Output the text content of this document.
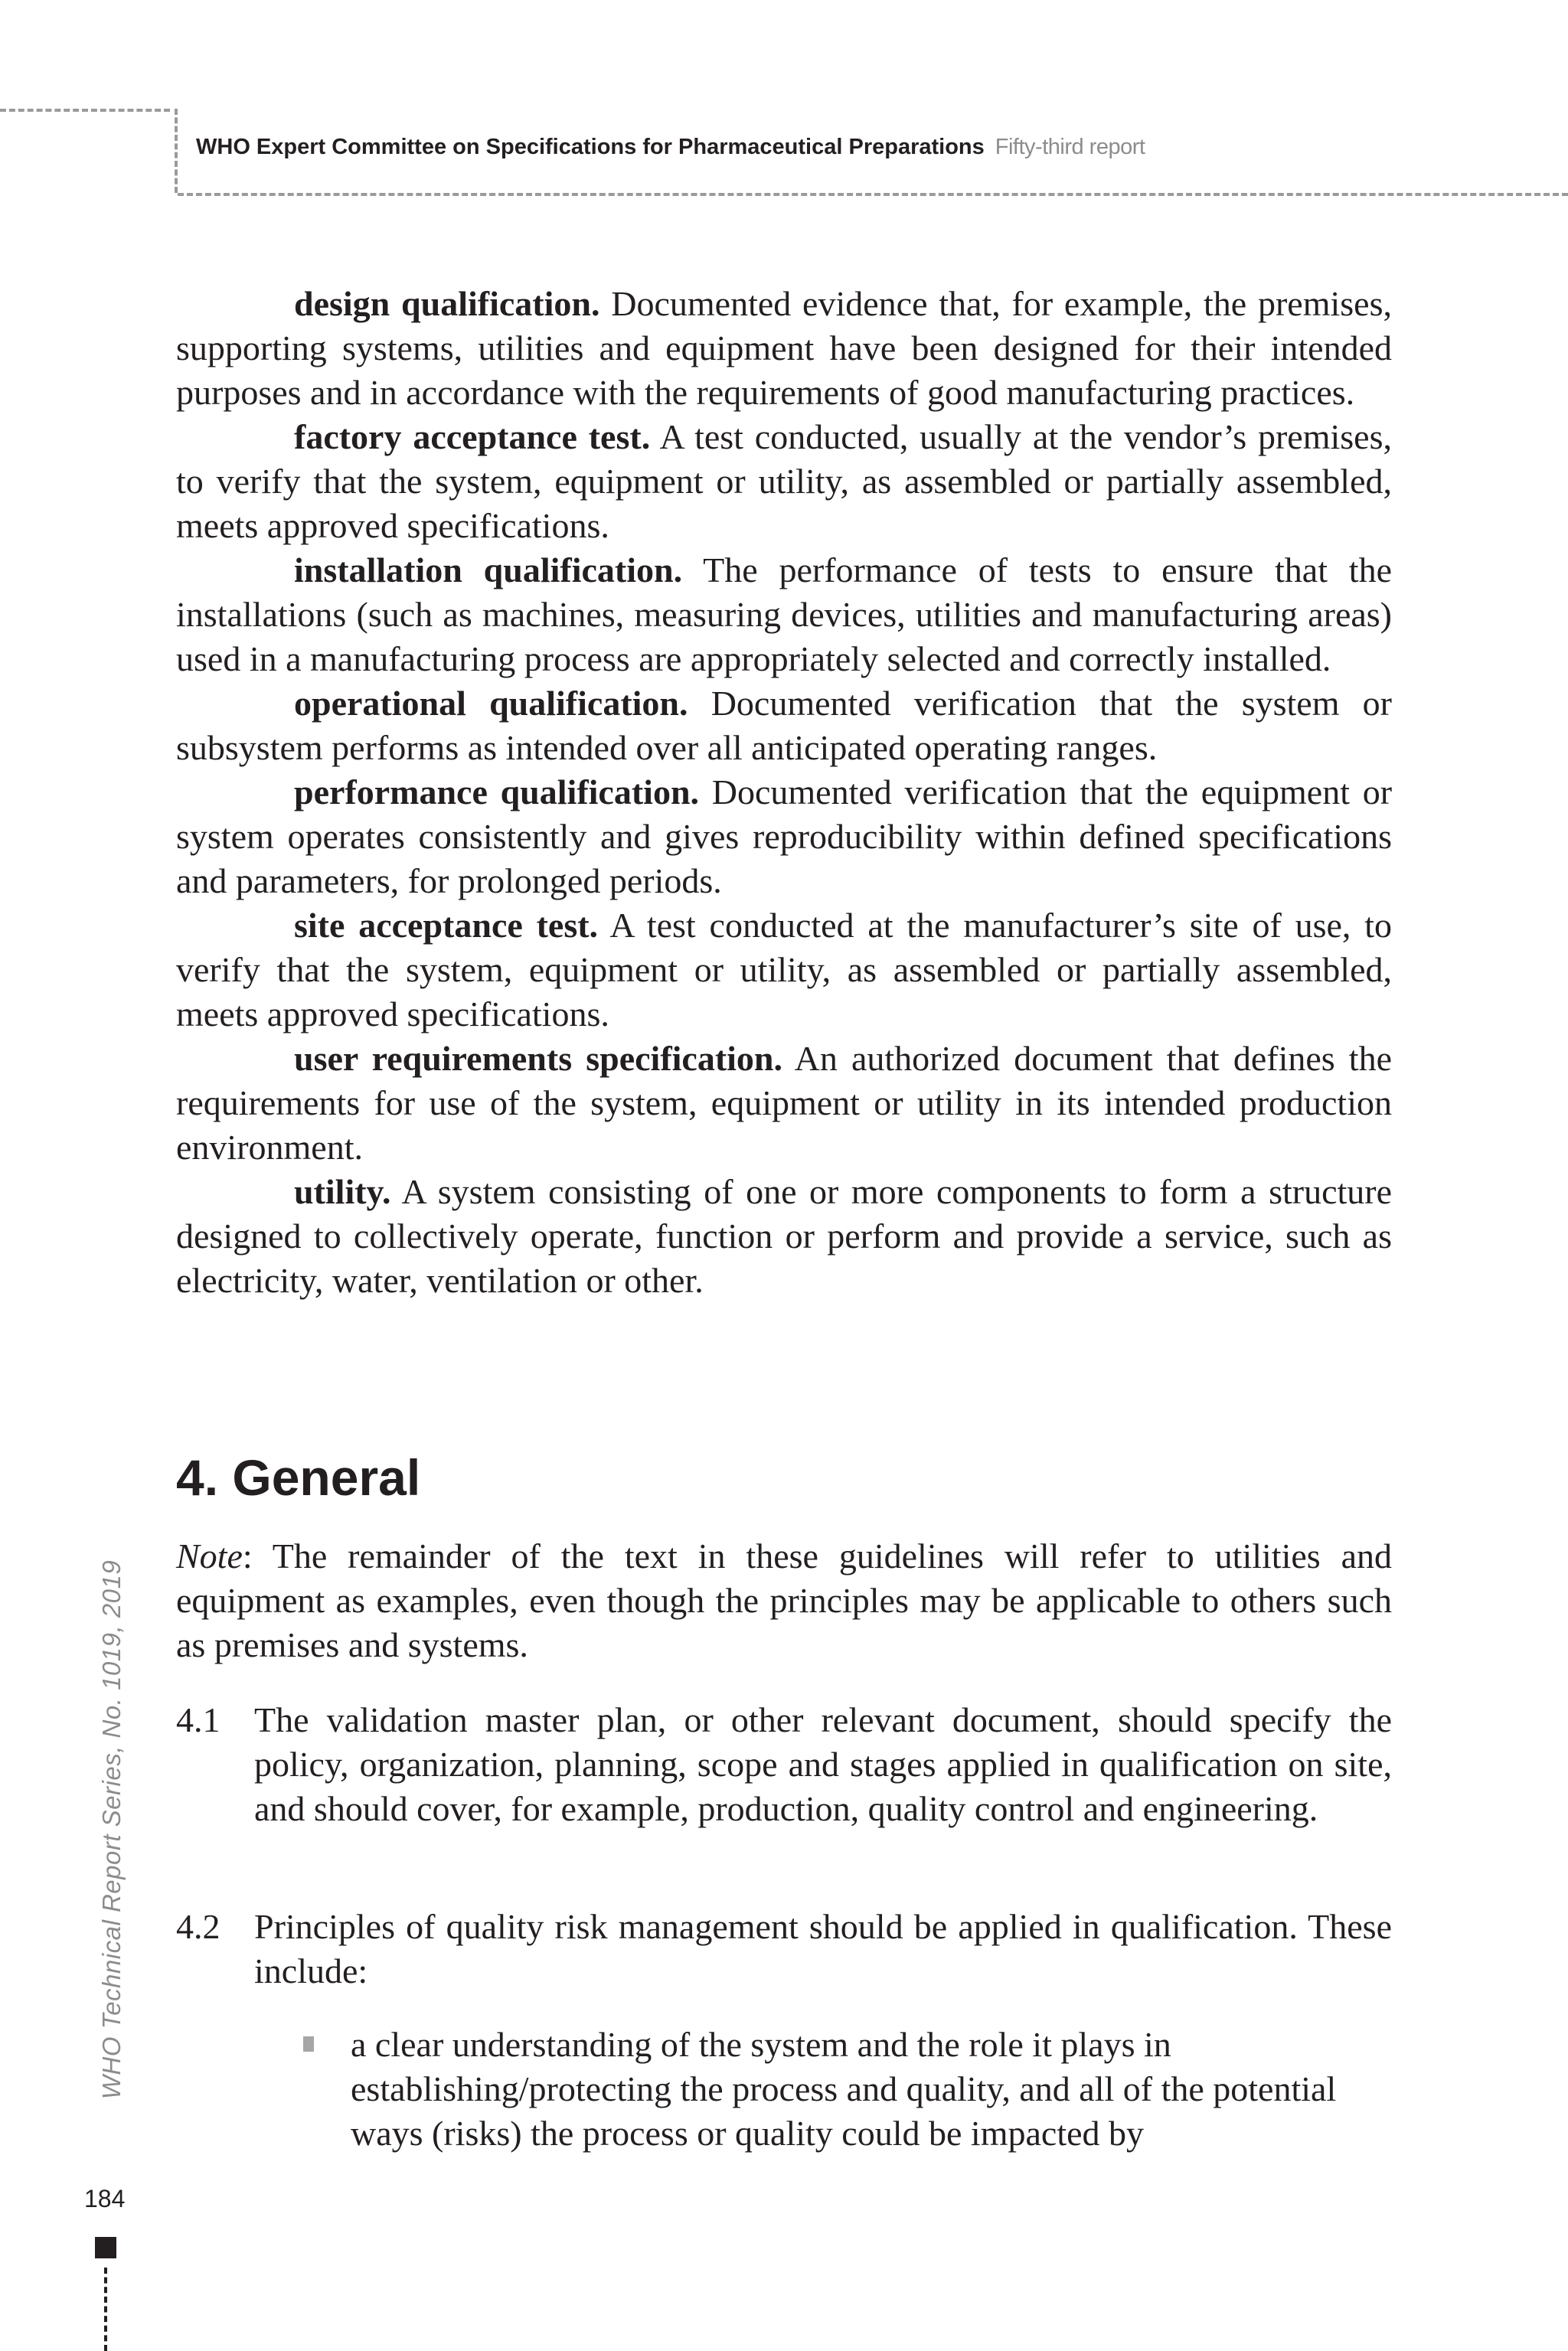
WHO Expert Committee on Specifications for Pharmaceutical Preparations Fifty-third report

design qualification. Documented evidence that, for example, the premises, supporting systems, utilities and equipment have been designed for their intended purposes and in accordance with the requirements of good manufacturing practices.

factory acceptance test. A test conducted, usually at the vendor’s premises, to verify that the system, equipment or utility, as assembled or partially assembled, meets approved specifications.

installation qualification. The performance of tests to ensure that the installations (such as machines, measuring devices, utilities and manufacturing areas) used in a manufacturing process are appropriately selected and correctly installed.

operational qualification. Documented verification that the system or subsystem performs as intended over all anticipated operating ranges.

performance qualification. Documented verification that the equipment or system operates consistently and gives reproducibility within defined specifications and parameters, for prolonged periods.

site acceptance test. A test conducted at the manufacturer’s site of use, to verify that the system, equipment or utility, as assembled or partially assembled, meets approved specifications.

user requirements specification. An authorized document that defines the requirements for use of the system, equipment or utility in its intended production environment.

utility. A system consisting of one or more components to form a structure designed to collectively operate, function or perform and provide a service, such as electricity, water, ventilation or other.

4. General

Note: The remainder of the text in these guidelines will refer to utilities and equipment as examples, even though the principles may be applicable to others such as premises and systems.

4.1 The validation master plan, or other relevant document, should specify the policy, organization, planning, scope and stages applied in qualification on site, and should cover, for example, production, quality control and engineering.
4.2 Principles of quality risk management should be applied in qualification. These include:
a clear understanding of the system and the role it plays in establishing/protecting the process and quality, and all of the potential ways (risks) the process or quality could be impacted by
WHO Technical Report Series, No. 1019, 2019
184
